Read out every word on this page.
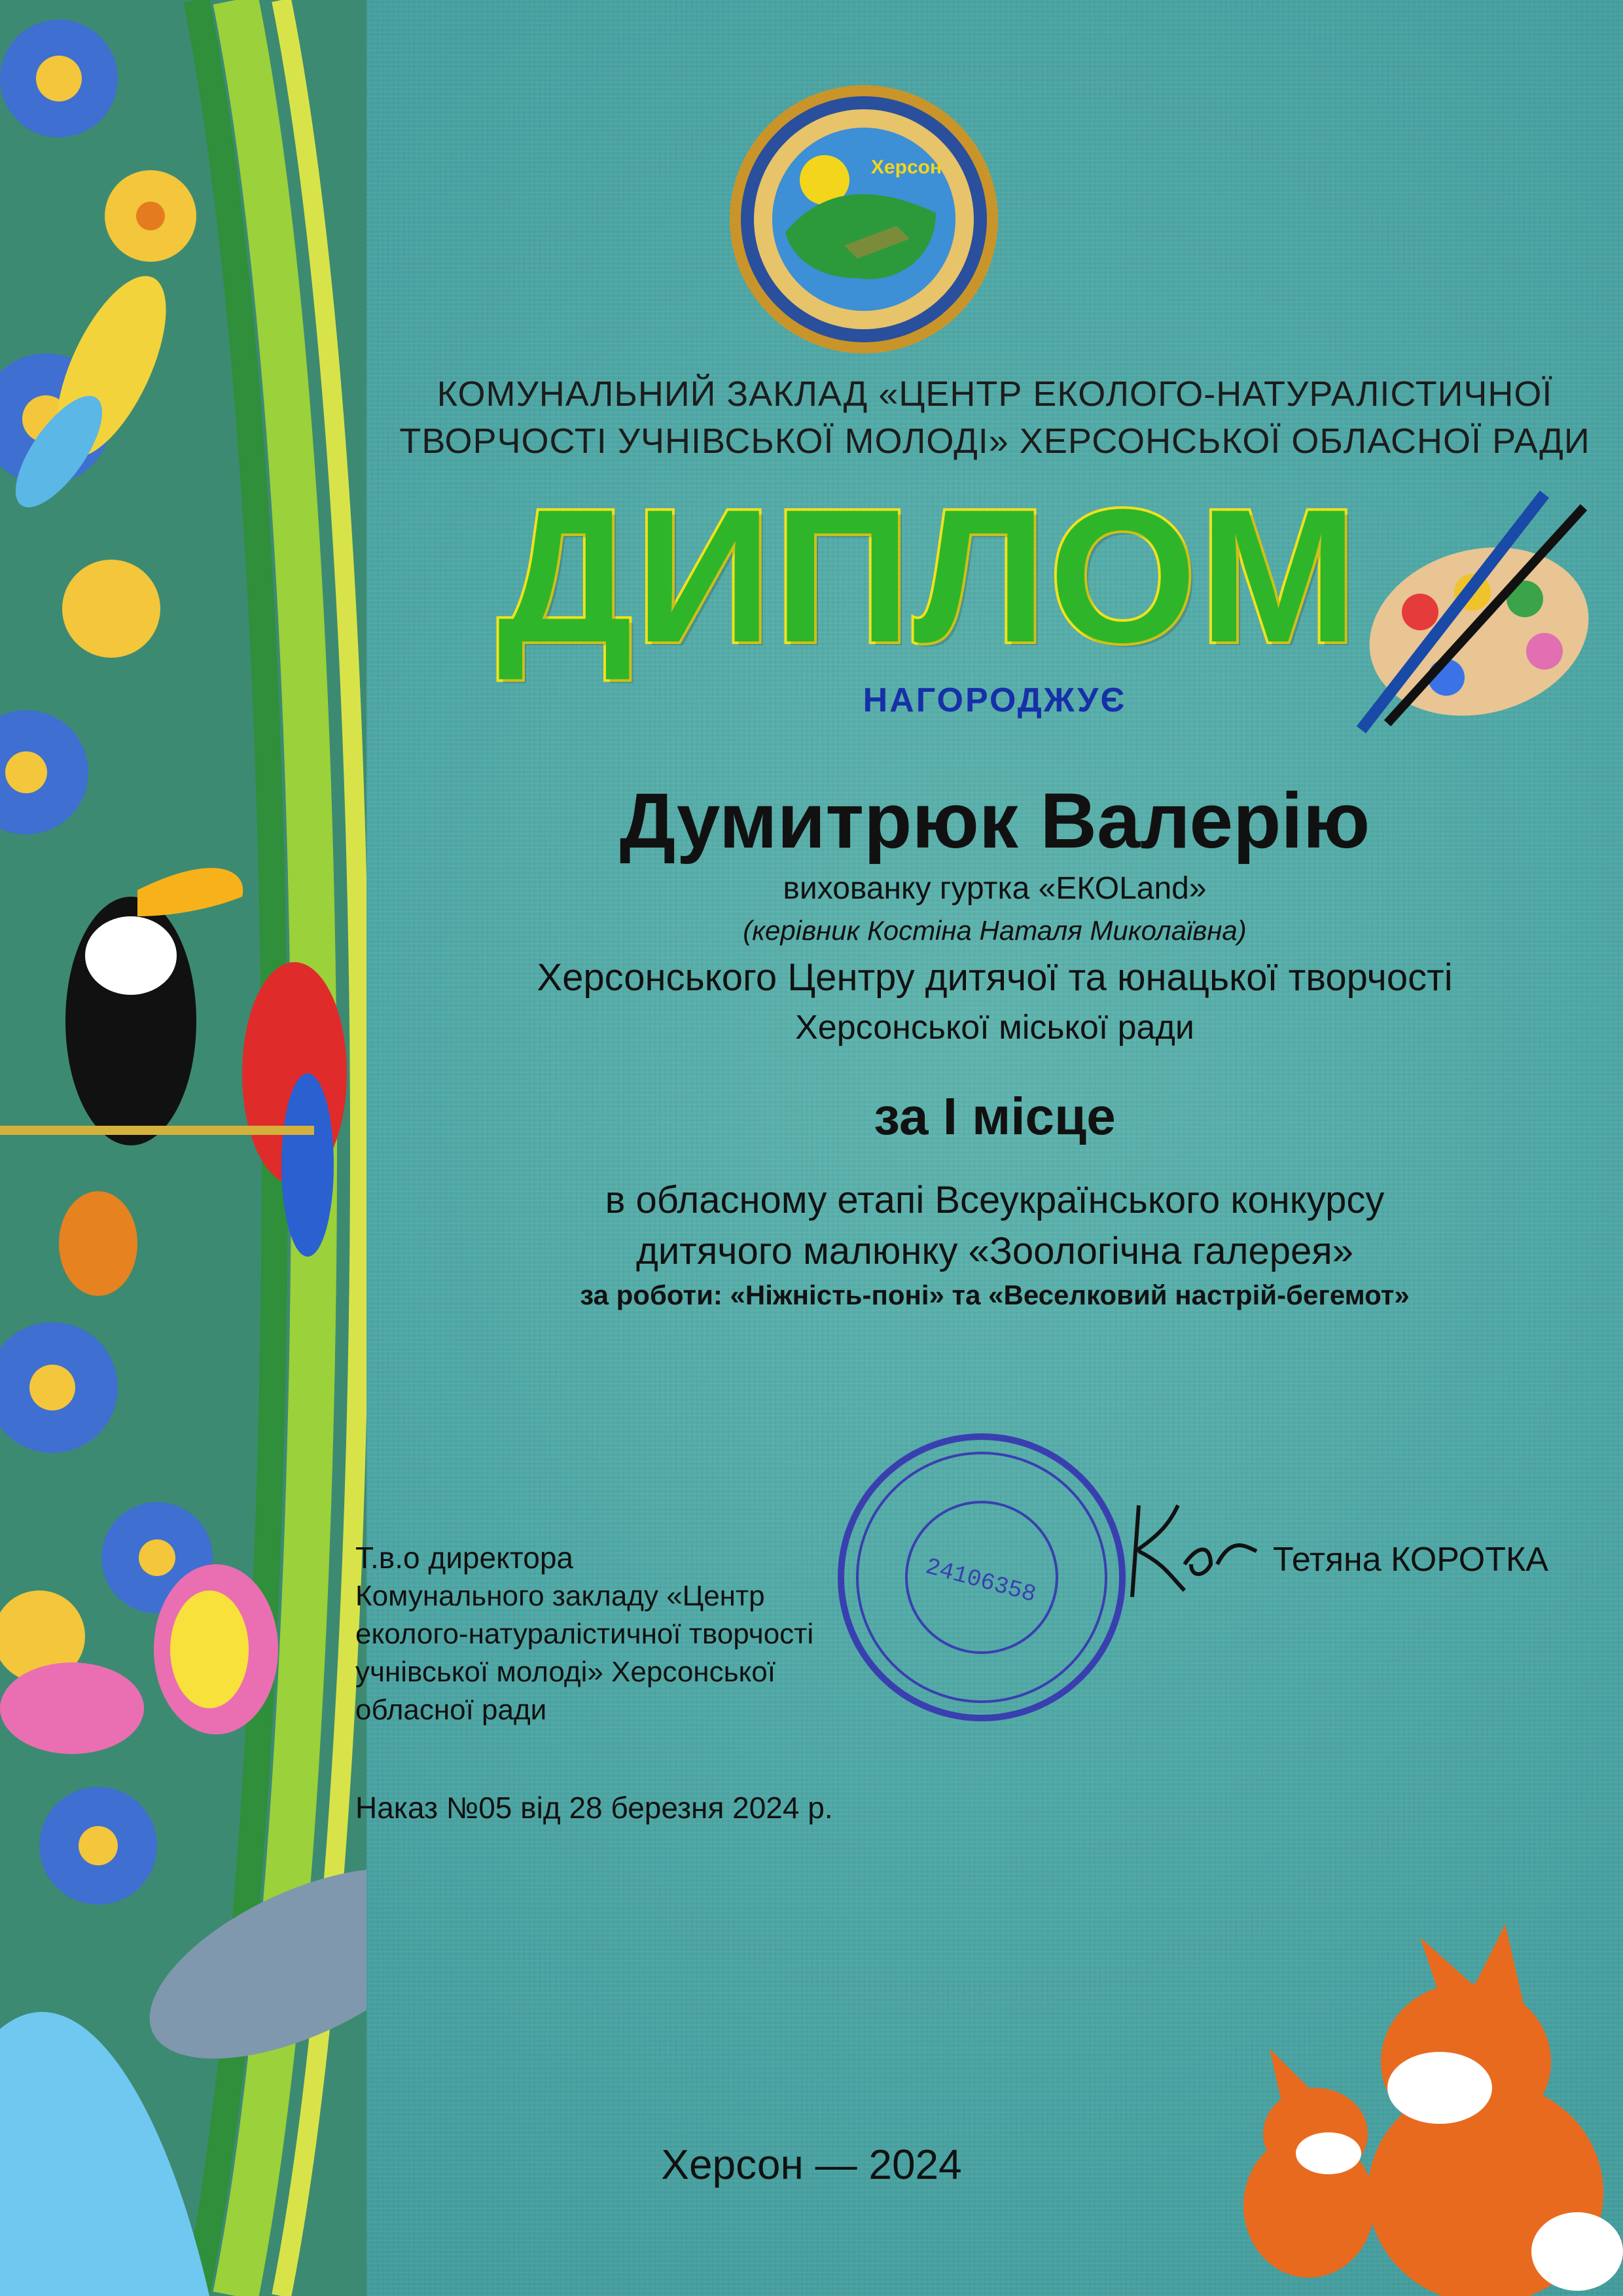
Херсон
КОМУНАЛЬНИЙ ЗАКЛАД «ЦЕНТР ЕКОЛОГО-НАТУРАЛІСТИЧНОЇ
ТВОРЧОСТІ УЧНІВСЬКОЇ МОЛОДІ» ХЕРСОНСЬКОЇ ОБЛАСНОЇ РАДИ
ДИПЛОМ
НАГОРОДЖУЄ
Думитрюк Валерію
вихованку гуртка «ЕКОLand»
(керівник Костіна Наталя Миколаївна)
Херсонського Центру дитячої та юнацької творчості
Херсонської міської ради
за І місце
в обласному етапі Всеукраїнського конкурсу
дитячого малюнку «Зоологічна галерея»
за роботи: «Ніжність-поні» та «Веселковий настрій-бегемот»
Т.в.о директора
Комунального закладу «Центр
еколого-натуралістичної творчості
учнівської молоді» Херсонської
обласної ради
24106358	Тетяна КОРОТКА
Наказ №05 від 28 березня 2024 р.
Херсон — 2024
